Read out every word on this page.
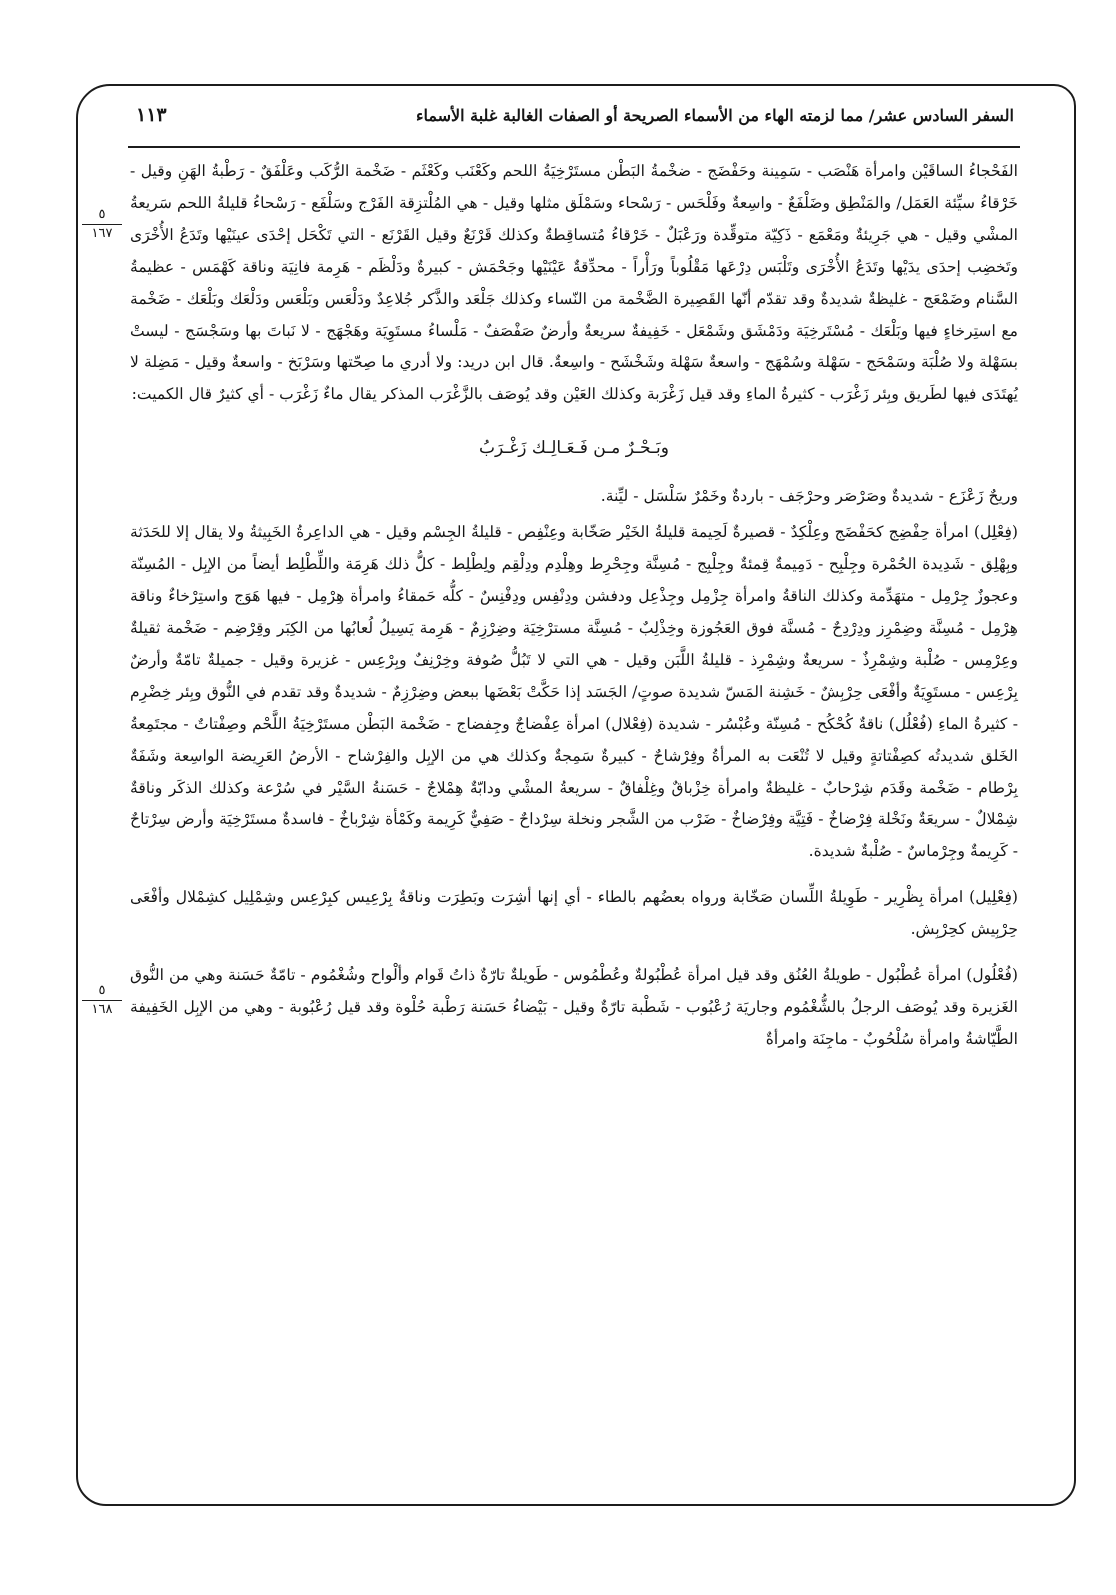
السفر السادس عشر/ مما لزمته الهاء من الأسماء الصريحة أو الصفات الغالبة غلبة الأسماء
١١٣
٥
١٦٧
٥
١٦٨

الفَحْجاءُ الساقَيْن وامرأة هَنْصَب - سَمِينة وحَفْضَج - ضخْمةُ البَطْن مستَرْخِيَةُ اللحم وكَعْنَب وكَعْثَم - ضَخْمة الرُّكَب وعَلْفَقٌ - رَطْبةُ الهَنِ وقيل - خَرْقاءُ سيِّئة العَمَل/ والمَنْطِق وضَلْفَعٌ - واسِعةٌ وفَلْحَس - رَسْحاء وسَمْلَق مثلها وقيل - هي المُلْتزِقة الفَرْج وسَلْفَع - رَسْحاءُ قليلةُ اللحم سَريعةُ المشْي وقيل - هي جَرِيئةٌ ومَعْمَع - ذَكِيّة متوقِّدة ورَعْبَلٌ - خَرْقاءُ مُتساقِطةٌ وكذلك قَرْنَعٌ وقيل القَرْنَع - التي تَكْحَل إحْدَى عينَيْها وتَدَعُ الأُخْرَى وتَخضِب إحدَى يدَيْها وتَدَعُ الأُخْرَى وتَلْبَس دِرْعَها مَقْلُوباً ورَأْراً - محدِّقةٌ عَيْنَيْها وجَحْمَش - كبيرةٌ ودَلْظَم - هَرِمة فانِيَة وناقة كَهْمَس - عظيمةُ السَّنام وضَمْعَج - غليظةٌ شديدةٌ وقد تقدّم أنّها القَصِيرة الضَّخْمة من النّساء وكذلك جَلْعَد والذَّكر جُلاعِدٌ ودَلْعَس وبَلْعَس ودَلْعَك وبَلْعَك - ضَخْمة مع استِرخاءٍ فيها وبَلْعَك - مُسْتَرخِيَة ودَمْشَق وشَمْعَل - خَفِيفةٌ سريعةٌ وأرضٌ صَفْصَفٌ - مَلْساءُ مستَوِيَة وهَجْهَج - لا نَباتَ بها وسَجْسَج - ليستْ بسَهْلة ولا صُلْبَة وسَمْحَج - سَهْلة وسُمْهَج - واسعةٌ سَهْلة وشَخْشَح - واسِعةٌ. قال ابن دريد: ولا أدري ما صِحّتها وسَرْبَخ - واسعةٌ وقيل - مَضِلة لا يُهتَدَى فيها لطَريق وبِئر زَغْرَب - كثيرةُ الماءِ وقد قيل زَغْرَبة وكذلك العَيْن وقد يُوصَف بالزَّغْرَب المذكر يقال ماءٌ زَغْرَب - أي كثيرٌ قال الكميت:

وبَـحْـرٌ مـن فَـعَـالِـك زَغْـرَبُ

وريحٌ زَعْزَع - شديدةٌ وصَرْصَر وحرْجَف - باردةٌ وخَمْرٌ سَلْسَل - ليِّنة.

(فِعْلِل) امرأة حِفْضِج كحَفْضَج وعِلْكِدٌ - قصيرةٌ لَحِيمة قليلةُ الخَيْر صَخّابة وعِنْفِص - قليلةُ الجِسْم وقيل - هي الداعِرةُ الخَبِيثةُ ولا يقال إلا للحَدَثة وبِهْلِق - شَدِيدة الحُمْرة وجِلْبِح - دَمِيمةٌ قِمئةٌ وجِلْبِج - مُسِنَّة وجِحْرِط وهِلْدِم ودِلْقِم ولِطْلِط - كلُّ ذلك هَرِمَة واللِّطْلِط أيضاً من الإبِل - المُسِنّة وعجوزٌ جِرْمِل - متهَدِّمة وكذلك الناقةُ وامرأة جِزْمِل وجِذْعِل ودفشن ودِنْفِس ودِفْنِسٌ - كلُّه حَمقاءُ وامرأة هِرْمِل - فيها هَوَج واستِرْخاءٌ وناقة هِرْمِل - مُسِنَّة وضِمْرِز ودِرْدِحٌ - مُسنَّة فوق العَجُوزة وخِذْلِبٌ - مُسِنَّة مسترْخِيَة وضِرْزِمٌ - هَرِمة يَسِيلُ لُعابُها من الكِبَر وقِرْضِم - ضَخْمة ثقيلةٌ وعِرْمِس - صُلْبة وشِمْرِذٌ - سريعةٌ وشِمْرِذ - قليلةُ اللَّبَن وقيل - هي التي لا تَبُلُّ صُوفة وخِرْنِفٌ وبِرْعِس - غزيرة وقيل - جميلةٌ تامّةٌ وأرضٌ بِرْعِس - مستَوِيَةٌ وأفْعَى حِرْبِشٌ - خَشِنة المَسّ شديدة صوتٍ/ الجَسَد إذا حَكَّتْ بَعْضَها ببعض وضِرْزِمٌ - شديدةٌ وقد تقدم في النُّوق وبِئر خِضْرِم - كثيرةُ الماءِ (فُعْلُل) ناقةٌ كُحْكُح - مُسِنّة وعُبْسُر - شديدة (فِعْلال) امرأة عِفْضاجٌ وجِفضاج - ضَخْمة البَطْن مستَرْخِيَةُ اللَّحْم وصِفْتاتٌ - مجتَمِعةُ الخَلق شديدتُه كصِفْتاتةٍ وقيل لا تُنْعَت به المرأةُ وفِرْشاحٌ - كبيرةٌ سَمِجةٌ وكذلك هي من الإبِل والفِرْشاح - الأرضُ العَرِيضة الواسِعة وشَفَةٌ بِرْطام - ضَخْمة وقَدَم شِرْحابٌ - غليظةٌ وامرأة خِزْباقٌ وغِلْفاقٌ - سريعةُ المشْي ودابّةٌ هِمْلاجٌ - حَسَنةُ السَّيْر في سُرْعة وكذلك الذكَر وناقةٌ شِمْلالٌ - سريعَةٌ ونَخْلة فِرْضاخٌ - فَتِيَّة وفِرْضاخٌ - ضَرْب من الشَّجر ونخلة سِرْداحٌ - صَفِيٌّ كَرِيمة وكَمْأة شِرْباخٌ - فاسدةٌ مستَرْخِيَة وأرض سِرْتاحٌ - كَرِيمةٌ وجِرْماسٌ - صُلْبةٌ شديدة.

(فِعْلِيل) امرأة بِظْرِير - طَوِيلةُ اللِّسان صَخّابة ورواه بعضُهم بالطاء - أي إنها أشِرَت وبَطِرَت وناقةٌ بِرْعِيس كبِرْعِس وشِمْلِيل كشِمْلال وأفْعَى حِرْبِيش كحِرْبِش.

(فُعْلُول) امرأة عُطْبُول - طويلةُ العُنُق وقد قيل امرأة عُطْبُولةٌ وعُطْمُوس - طَويلةٌ تارّةٌ ذاتُ قَوام وألْواح وشُغْمُوم - تامّةٌ حَسَنة وهي من النُّوق الغَزيرة وقد يُوصَف الرجلُ بالشُّغْمُوم وجاريَة رُعْبُوب - شَطْبة تارّةٌ وقيل - بَيْضاءُ حَسَنة رَطْبة حُلْوة وقد قيل رُعْبُوبة - وهي من الإبِل الخَفِيفة الطَّيّاشةُ وامرأة سُلْحُوبٌ - ماجِنَة وامرأةٌ
